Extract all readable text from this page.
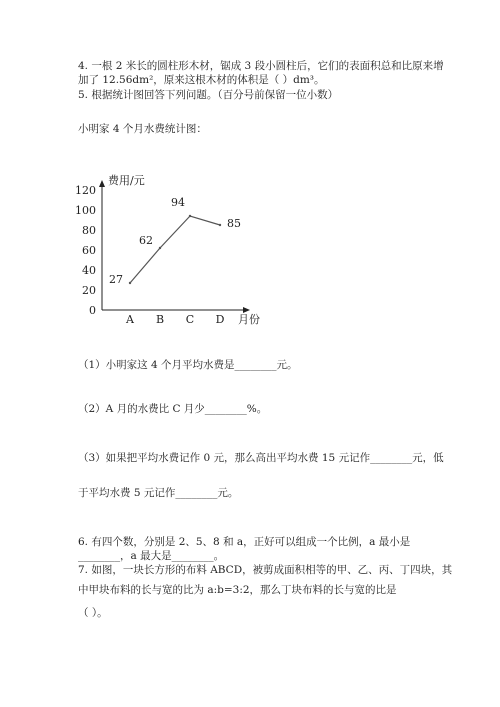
4. 一根 2 米长的圆柱形木材，锯成 3 段小圆柱后，它们的表面积总和比原来增
加了 12.56dm²，原来这根木材的体积是（ ）dm³。
5. 根据统计图回答下列问题。（百分号前保留一位小数）
小明家 4 个月水费统计图：
费用/元
月份
0
20
40
60
80
100
120
A B C D
27
62
94
85
（1）小明家这 4 个月平均水费是________元。
（2）A 月的水费比 C 月少________%。
（3）如果把平均水费记作 0 元，那么高出平均水费 15 元记作________元，低
于平均水费 5 元记作________元。
6. 有四个数，分别是 2、5、8 和 a，正好可以组成一个比例，a 最小是
________，a 最大是________。
7. 如图，一块长方形的布料 ABCD，被剪成面积相等的甲、乙、丙、丁四块，其
中甲块布料的长与宽的比为 a:b=3:2，那么丁块布料的长与宽的比是
（ ）。
